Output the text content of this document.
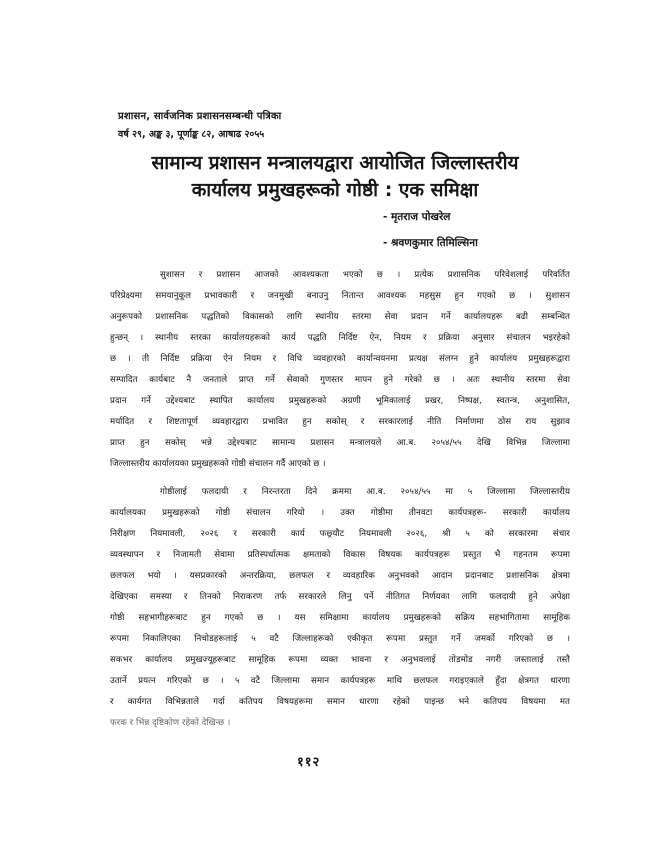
प्रशासन, सार्वजनिक प्रशासनसम्बन्धी पत्रिका
वर्ष २९, अङ्क ३, पूर्णाङ्क ८२, आषाढ २०५५
सामान्य प्रशासन मन्त्रालयद्वारा आयोजित जिल्लास्तरीय
कार्यालय प्रमुखहरूको गोष्ठी : एक समिक्षा
- मृतराज पोखरेल
- श्रवणकुमार तिमिल्सिना
सुशासन र प्रशासन आजको आवश्यकता भएको छ । प्रत्येक प्रशासनिक परिवेशलाई परिवर्तित
परिप्रेक्ष्यमा समयानुकूल प्रभावकारी र जनमुखी बनाउनु नितान्त आवश्यक महसुस हुन गएको छ । सुशासन
अनुरूपको प्रशासनिक पद्धतिको विकासको लागि स्थानीय स्तरमा सेवा प्रदान गर्ने कार्यालयहरू बढी सम्बन्धित
हुन्छन् । स्थानीय स्तरका कार्यालयहरूको कार्य पद्धति निर्दिष्ट ऐन, नियम र प्रक्रिया अनुसार संचालन भइरहेको
छ । ती निर्दिष्ट प्रक्रिया ऐन नियम र विधि व्यवहारको कार्यान्वयनमा प्रत्यक्ष संलग्न हुने कार्यालय प्रमुखहरूद्वारा
सम्पादित कार्यबाट नै जनताले प्राप्त गर्ने सेवाको गुणस्तर मापन हुने गरेको छ । अतः स्थानीय स्तरमा सेवा
प्रदान गर्ने उद्देश्यबाट स्थापित कार्यालय प्रमुखहरूको अग्रणी भूमिकालाई प्रखर, निष्पक्ष, स्वतन्त्र, अनुशासित,
मर्यादित र शिष्टतापूर्ण व्यवहारद्वारा प्रभावित हुन सकोस् र सरकारलाई नीति निर्माणमा ठोस राय सुझाव
प्राप्त हुन सकोस् भन्ने उद्देश्यबाट सामान्य प्रशासन मन्त्रालयले आ.ब. २०५४/५५ देखि विभिन्न जिल्लामा
जिल्लास्तरीय कार्यालयका प्रमुखहरूको गोष्ठी संचालन गर्दै आएको छ ।
गोष्ठीलाई फलदायी र निरन्तरता दिने क्रममा आ.ब. २०५४/५५ मा ५ जिल्लामा जिल्लास्तरीय
कार्यालयका प्रमुखहरूको गोष्ठी संचालन गरियो । उक्त गोष्ठीमा तीनवटा कार्यपत्रहरू- सरकारी कार्यालय
निरीक्षण नियमावली, २०२६ र सरकारी कार्य फछ्र्यौट नियमावली २०२६, श्री ५ को सरकारमा संचार
व्यवस्थापन र निजामती सेवामा प्रतिस्पर्धात्मक क्षमताको विकास विषयक कार्यपत्रहरू प्रस्तुत भै गहनतम रूपमा
छलफल भयो । यसप्रकारको अन्तरक्रिया, छलफल र व्यवहारिक अनुभवको आदान प्रदानबाट प्रशासनिक क्षेत्रमा
देखिएका समस्या र तिनको निराकरण तर्फ सरकारले लिनु पर्ने नीतिगत निर्णयका लागि फलदायी हुने अपेक्षा
गोष्ठी सहभागीहरूबाट हुन गएको छ । यस समिक्षामा कार्यालय प्रमुखहरूको सक्रिय सहभागितामा सामूहिक
रूपमा निकालिएका निचोडहरूलाई ५ वटै जिल्लाहरूको एकीकृत रूपमा प्रस्तुत गर्ने जमर्को गरिएको छ ।
सकभर कार्यालय प्रमुखज्यूहरूबाट सामूहिक रूपमा व्यक्त भावना र अनुभवलाई तोडमोड नगरी जस्तालाई तस्तै
उतार्ने प्रयत्न गरिएको छ । ५ वटै जिल्लामा समान कार्यपत्रहरू माथि छलफल गराइएकाले हुँदा क्षेत्रगत धारणा
र कार्यगत विभिन्नताले गर्दा कतिपय विषयहरूमा समान धारणा रहेको पाइन्छ भने कतिपय विषयमा मत
फरक र भिन्न दृष्टिकोण रहेको देखिन्छ ।
११२
